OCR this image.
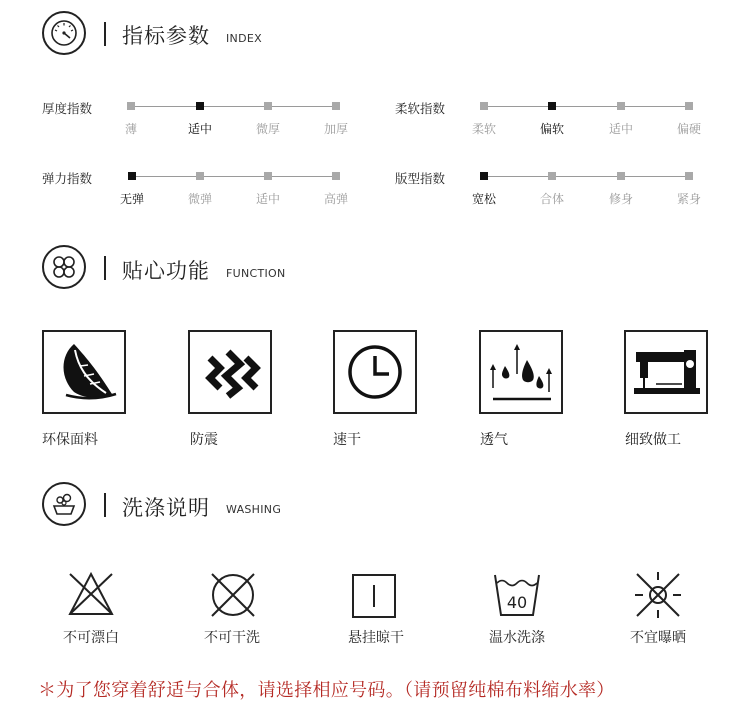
指标参数 INDEX
厚度指数
薄	适中	微厚	加厚
柔软指数
柔软	偏软	适中	偏硬
弹力指数
无弹	微弹	适中	高弹
版型指数
宽松	合体	修身	紧身
贴心功能 FUNCTION
环保面料	防震	速干	透气	细致做工
洗涤说明 WASHING
不可漂白	不可干洗	悬挂晾干
40
温水洗涤	不宜曝晒
＊为了您穿着舒适与合体，请选择相应号码。（请预留纯棉布料缩水率）
